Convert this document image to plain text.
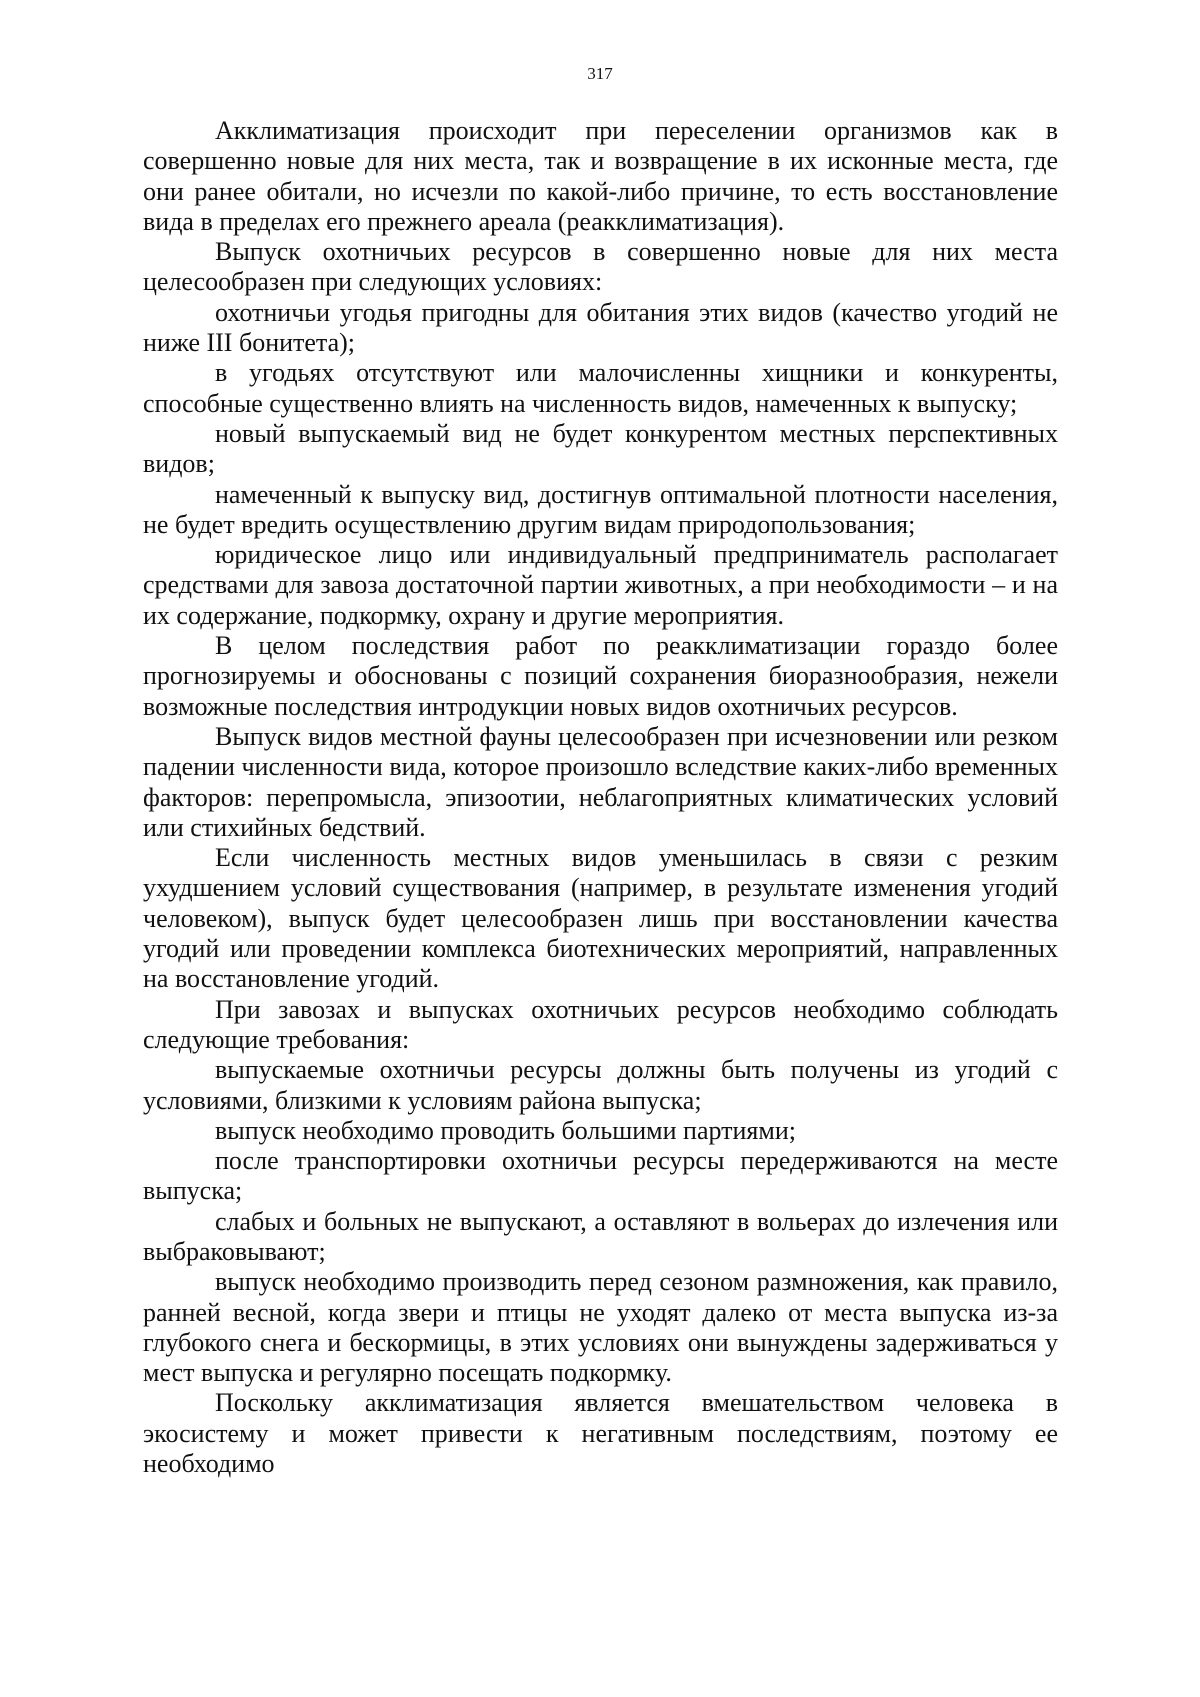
317

Акклиматизация происходит при переселении организмов как в совершенно новые для них места, так и возвращение в их исконные места, где они ранее обитали, но исчезли по какой-либо причине, то есть восстановление вида в пределах его прежнего ареала (реакклиматизация).

Выпуск охотничьих ресурсов в совершенно новые для них места целесообразен при следующих условиях:

охотничьи угодья пригодны для обитания этих видов (качество угодий не ниже III бонитета);

в угодьях отсутствуют или малочисленны хищники и конкуренты, способные существенно влиять на численность видов, намеченных к выпуску;

новый выпускаемый вид не будет конкурентом местных перспективных видов;

намеченный к выпуску вид, достигнув оптимальной плотности населения, не будет вредить осуществлению другим видам природопользования;

юридическое лицо или индивидуальный предприниматель располагает средствами для завоза достаточной партии животных, а при необходимости – и на их содержание, подкормку, охрану и другие мероприятия.

В целом последствия работ по реакклиматизации гораздо более прогнозируемы и обоснованы с позиций сохранения биоразнообразия, нежели возможные последствия интродукции новых видов охотничьих ресурсов.

Выпуск видов местной фауны целесообразен при исчезновении или резком падении численности вида, которое произошло вследствие каких-либо временных факторов: перепромысла, эпизоотии, неблагоприятных климатических условий или стихийных бедствий.

Если численность местных видов уменьшилась в связи с резким ухудшением условий существования (например, в результате изменения угодий человеком), выпуск будет целесообразен лишь при восстановлении качества угодий или проведении комплекса биотехнических мероприятий, направленных на восстановление угодий.

При завозах и выпусках охотничьих ресурсов необходимо соблюдать следующие требования:

выпускаемые охотничьи ресурсы должны быть получены из угодий с условиями, близкими к условиям района выпуска;

выпуск необходимо проводить большими партиями;

после транспортировки охотничьи ресурсы передерживаются на месте выпуска;

слабых и больных не выпускают, а оставляют в вольерах до излечения или выбраковывают;

выпуск необходимо производить перед сезоном размножения, как правило, ранней весной, когда звери и птицы не уходят далеко от места выпуска из-за глубокого снега и бескормицы, в этих условиях они вынуждены задерживаться у мест выпуска и регулярно посещать подкормку.

Поскольку акклиматизация является вмешательством человека в экосистему и может привести к негативным последствиям, поэтому ее необходимо
